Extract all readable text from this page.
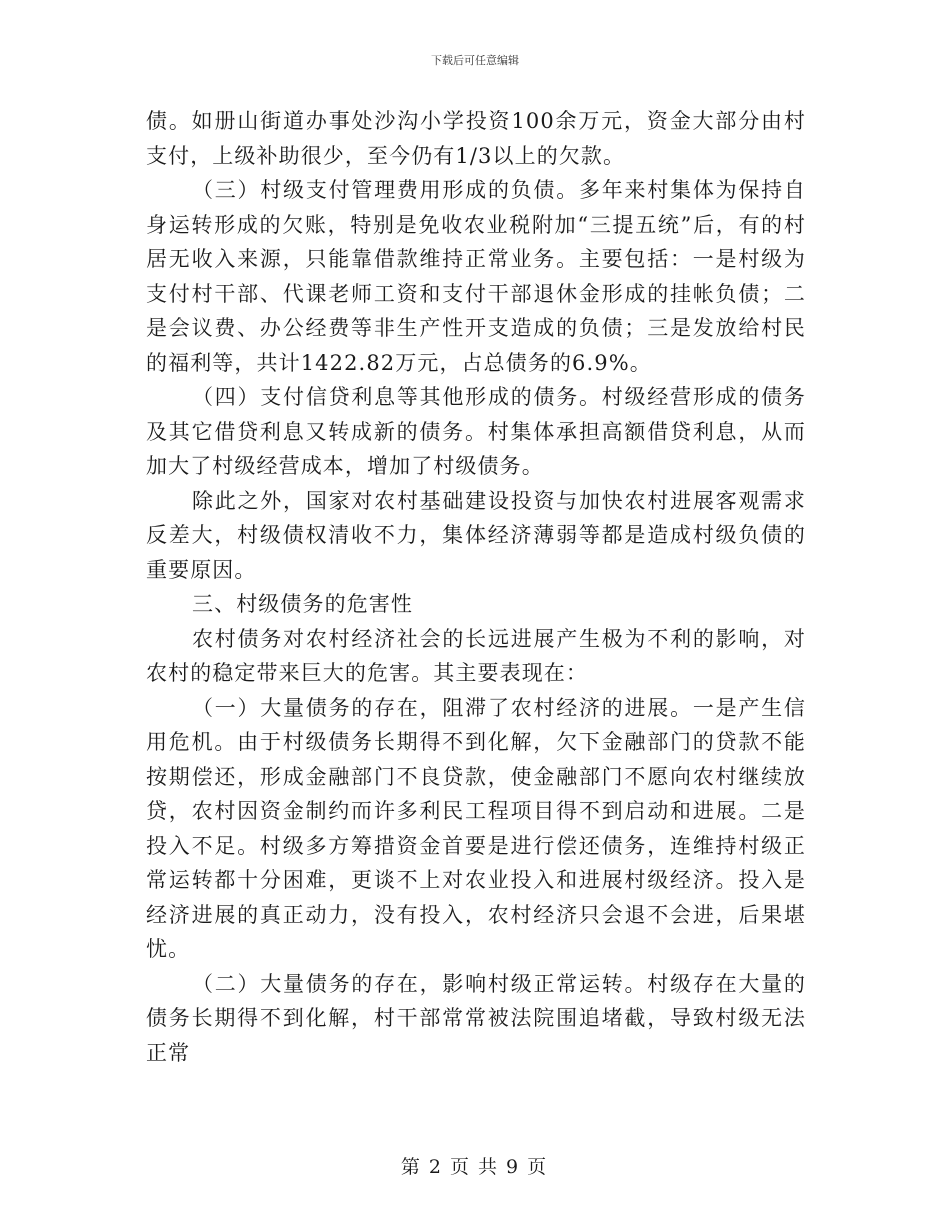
下载后可任意编辑

债。如册山街道办事处沙沟小学投资100余万元，资金大部分由村支付，上级补助很少，至今仍有1/3以上的欠款。

（三）村级支付管理费用形成的负债。多年来村集体为保持自身运转形成的欠账，特别是免收农业税附加“三提五统”后，有的村居无收入来源，只能靠借款维持正常业务。主要包括：一是村级为支付村干部、代课老师工资和支付干部退休金形成的挂帐负债；二是会议费、办公经费等非生产性开支造成的负债；三是发放给村民的福利等，共计1422.82万元，占总债务的6.9%。

（四）支付信贷利息等其他形成的债务。村级经营形成的债务及其它借贷利息又转成新的债务。村集体承担高额借贷利息，从而加大了村级经营成本，增加了村级债务。

除此之外，国家对农村基础建设投资与加快农村进展客观需求反差大，村级债权清收不力，集体经济薄弱等都是造成村级负债的重要原因。

三、村级债务的危害性

农村债务对农村经济社会的长远进展产生极为不利的影响，对农村的稳定带来巨大的危害。其主要表现在：

（一）大量债务的存在，阻滞了农村经济的进展。一是产生信用危机。由于村级债务长期得不到化解，欠下金融部门的贷款不能按期偿还，形成金融部门不良贷款，使金融部门不愿向农村继续放贷，农村因资金制约而许多利民工程项目得不到启动和进展。二是投入不足。村级多方筹措资金首要是进行偿还债务，连维持村级正常运转都十分困难，更谈不上对农业投入和进展村级经济。投入是经济进展的真正动力，没有投入，农村经济只会退不会进，后果堪忧。

（二）大量债务的存在，影响村级正常运转。村级存在大量的债务长期得不到化解，村干部常常被法院围追堵截，导致村级无法正常

第 2 页 共 9 页
